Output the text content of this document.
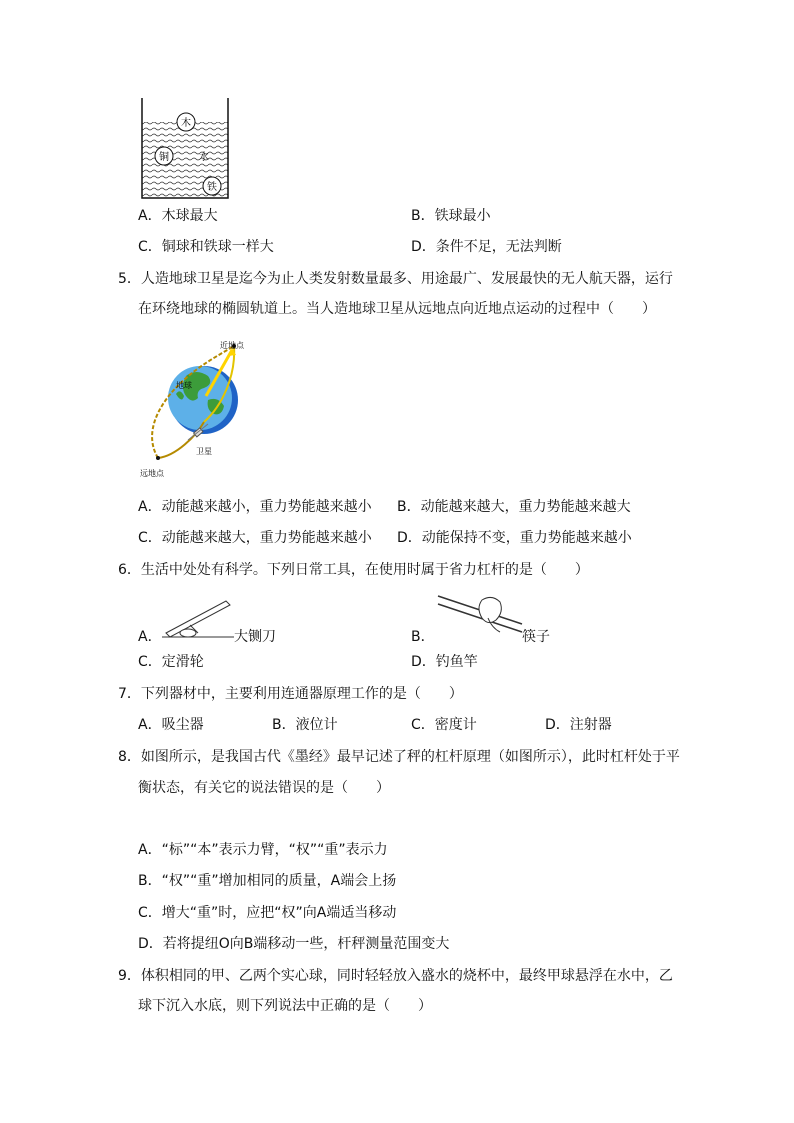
木
铜	水
铁
A．木球最大	B．铁球最小
C．铜球和铁球一样大	D．条件不足，无法判断
5．人造地球卫星是迄今为止人类发射数量最多、用途最广、发展最快的无人航天器，运行
在环绕地球的椭圆轨道上。当人造地球卫星从远地点向近地点运动的过程中（　　）
近地点
远地点
地球
卫星
A．动能越来越小，重力势能越来越小 B．动能越来越大，重力势能越来越大
C．动能越来越大，重力势能越来越小 D．动能保持不变，重力势能越来越小
6．生活中处处有科学。下列日常工具，在使用时属于省力杠杆的是（　　）
A．	大铡刀	B．	筷子
C．定滑轮	D．钓鱼竿
7．下列器材中，主要利用连通器原理工作的是（　　）
A．吸尘器	B．液位计	C．密度计	D．注射器
8．如图所示，是我国古代《墨经》最早记述了秤的杠杆原理（如图所示），此时杠杆处于平
衡状态，有关它的说法错误的是（　　）
A．“标”“本”表示力臂，“权”“重”表示力
B．“权”“重”增加相同的质量，A端会上扬
C．增大“重”时，应把“权”向A端适当移动
D．若将提纽O向B端移动一些，杆秤测量范围变大
9．体积相同的甲、乙两个实心球，同时轻轻放入盛水的烧杯中，最终甲球悬浮在水中，乙
球下沉入水底，则下列说法中正确的是（　　）
